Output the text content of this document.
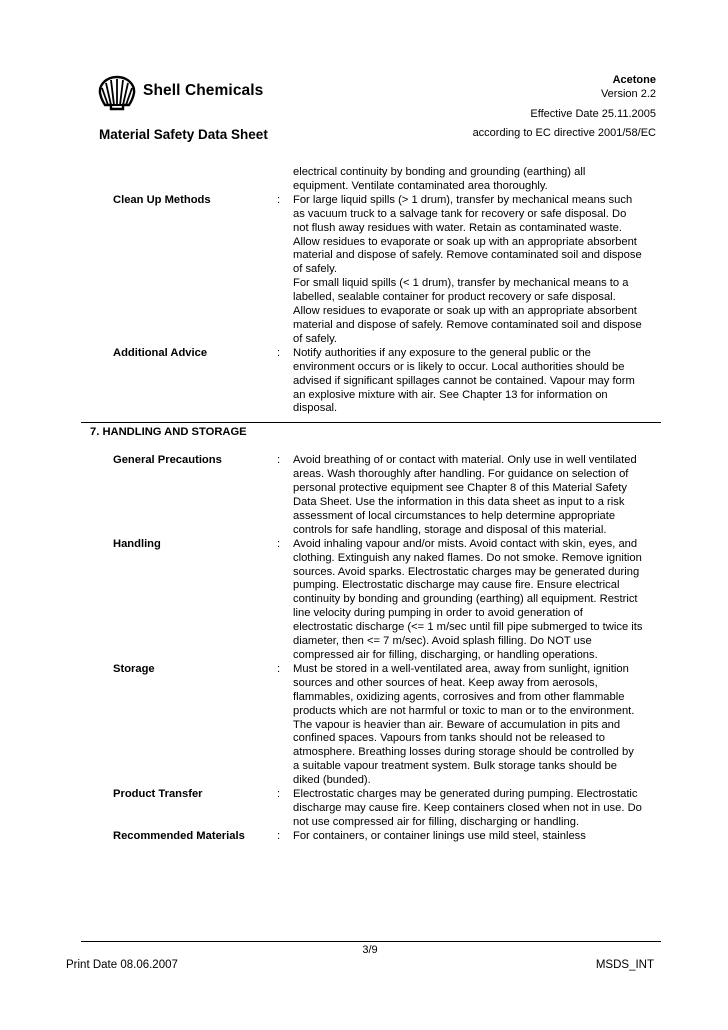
Shell Chemicals
Acetone
Version 2.2
Effective Date 25.11.2005
Material Safety Data Sheet	according to EC directive 2001/58/EC
electrical continuity by bonding and grounding (earthing) all equipment. Ventilate contaminated area thoroughly.
Clean Up Methods	: For large liquid spills (> 1 drum), transfer by mechanical means such as vacuum truck to a salvage tank for recovery or safe disposal. Do not flush away residues with water. Retain as contaminated waste. Allow residues to evaporate or soak up with an appropriate absorbent material and dispose of safely. Remove contaminated soil and dispose of safely.
For small liquid spills (< 1 drum), transfer by mechanical means to a labelled, sealable container for product recovery or safe disposal. Allow residues to evaporate or soak up with an appropriate absorbent material and dispose of safely. Remove contaminated soil and dispose of safely.
Additional Advice	: Notify authorities if any exposure to the general public or the environment occurs or is likely to occur. Local authorities should be advised if significant spillages cannot be contained. Vapour may form an explosive mixture with air. See Chapter 13 for information on disposal.
7. HANDLING AND STORAGE
General Precautions	: Avoid breathing of or contact with material. Only use in well ventilated areas. Wash thoroughly after handling. For guidance on selection of personal protective equipment see Chapter 8 of this Material Safety Data Sheet. Use the information in this data sheet as input to a risk assessment of local circumstances to help determine appropriate controls for safe handling, storage and disposal of this material.
Handling	: Avoid inhaling vapour and/or mists. Avoid contact with skin, eyes, and clothing. Extinguish any naked flames. Do not smoke. Remove ignition sources. Avoid sparks. Electrostatic charges may be generated during pumping. Electrostatic discharge may cause fire. Ensure electrical continuity by bonding and grounding (earthing) all equipment. Restrict line velocity during pumping in order to avoid generation of electrostatic discharge (<= 1 m/sec until fill pipe submerged to twice its diameter, then <= 7 m/sec). Avoid splash filling. Do NOT use compressed air for filling, discharging, or handling operations.
Storage	: Must be stored in a well-ventilated area, away from sunlight, ignition sources and other sources of heat. Keep away from aerosols, flammables, oxidizing agents, corrosives and from other flammable products which are not harmful or toxic to man or to the environment. The vapour is heavier than air. Beware of accumulation in pits and confined spaces. Vapours from tanks should not be released to atmosphere. Breathing losses during storage should be controlled by a suitable vapour treatment system. Bulk storage tanks should be diked (bunded).
Product Transfer	: Electrostatic charges may be generated during pumping. Electrostatic discharge may cause fire. Keep containers closed when not in use. Do not use compressed air for filling, discharging or handling.
Recommended Materials	: For containers, or container linings use mild steel, stainless
3/9
Print Date 08.06.2007	MSDS_INT
